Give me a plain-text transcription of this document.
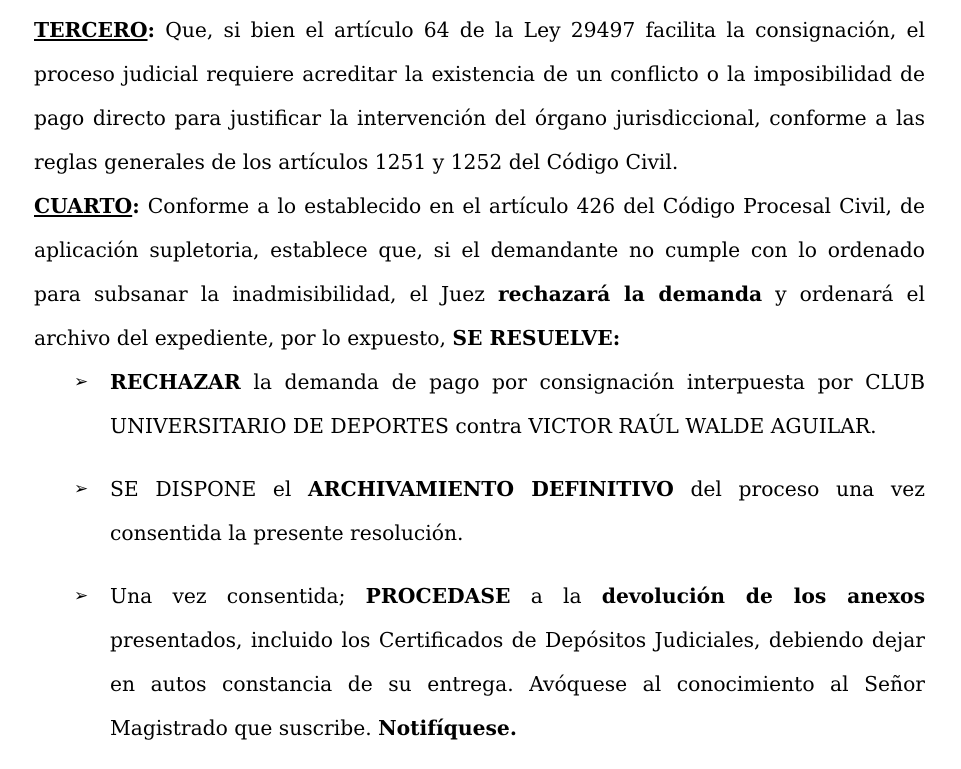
TERCERO: Que, si bien el artículo 64 de la Ley 29497 facilita la consignación, el proceso judicial requiere acreditar la existencia de un conflicto o la imposibilidad de pago directo para justificar la intervención del órgano jurisdiccional, conforme a las reglas generales de los artículos 1251 y 1252 del Código Civil.

CUARTO: Conforme a lo establecido en el artículo 426 del Código Procesal Civil, de aplicación supletoria, establece que, si el demandante no cumple con lo ordenado para subsanar la inadmisibilidad, el Juez rechazará la demanda y ordenará el archivo del expediente, por lo expuesto, SE RESUELVE:

➢ RECHAZAR la demanda de pago por consignación interpuesta por CLUB UNIVERSITARIO DE DEPORTES contra VICTOR RAÚL WALDE AGUILAR.

➢ SE DISPONE el ARCHIVAMIENTO DEFINITIVO del proceso una vez consentida la presente resolución.

➢ Una vez consentida; PROCEDASE a la devolución de los anexos presentados, incluido los Certificados de Depósitos Judiciales, debiendo dejar en autos constancia de su entrega. Avóquese al conocimiento al Señor Magistrado que suscribe. Notifíquese.
